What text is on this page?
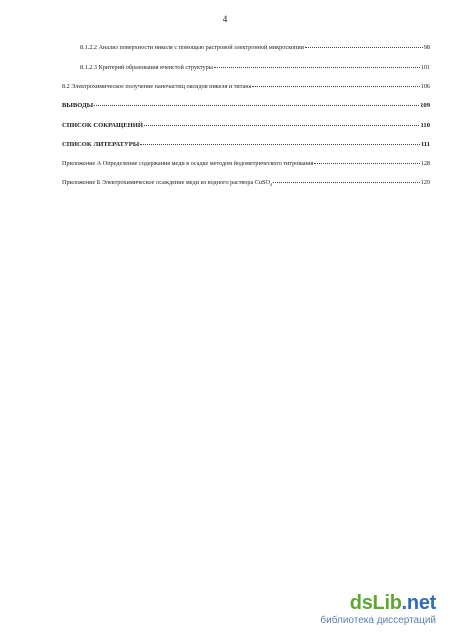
4
8.1.2.2 Анализ поверхности никеля с помощью растровой электронной микроскопии	98
8.1.2.3 Критерий образования ячеистой структуры	101
8.2 Электрохимическое получение наночастиц оксидов никеля и титана	106
ВЫВОДЫ	109
СПИСОК СОКРАЩЕНИЙ	110
СПИСОК ЛИТЕРАТУРЫ	111
Приложение А Определение содержания меди в осадке методом йодометрического титрования	128
Приложение Б Электрохимическое осаждение меди из водного раствора CuSO$_4$	129
dsLib.net
библиотека диссертаций
